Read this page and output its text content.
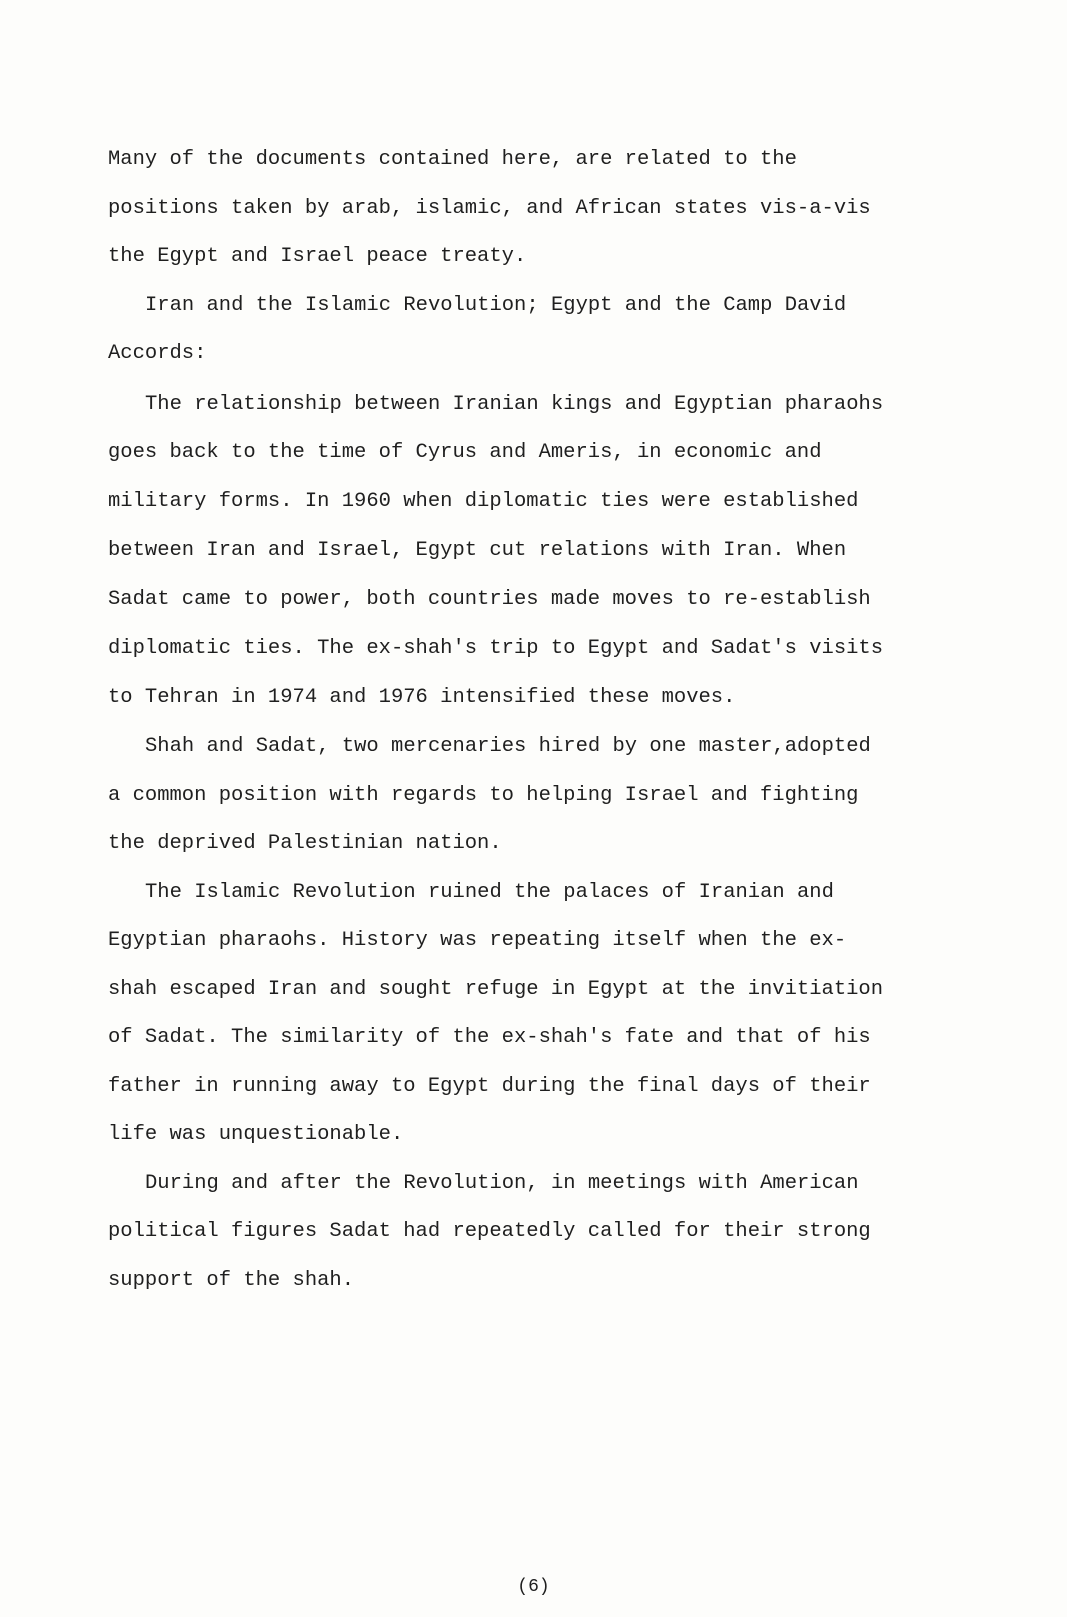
Many of the documents contained here, are related to the
positions taken by arab, islamic, and African states vis-a-vis
the Egypt and Israel peace treaty.
Iran and the Islamic Revolution; Egypt and the Camp David
Accords:
The relationship between Iranian kings and Egyptian pharaohs
goes back to the time of Cyrus and Ameris, in economic and
military forms. In 1960 when diplomatic ties were established
between Iran and Israel, Egypt cut relations with Iran. When
Sadat came to power, both countries made moves to re-establish
diplomatic ties. The ex-shah's trip to Egypt and Sadat's visits
to Tehran in 1974 and 1976 intensified these moves.
Shah and Sadat, two mercenaries hired by one master,adopted
a common position with regards to helping Israel and fighting
the deprived Palestinian nation.
The Islamic Revolution ruined the palaces of Iranian and
Egyptian pharaohs. History was repeating itself when the ex-
shah escaped Iran and sought refuge in Egypt at the invitiation
of Sadat. The similarity of the ex-shah's fate and that of his
father in running away to Egypt during the final days of their
life was unquestionable.
During and after the Revolution, in meetings with American
political figures Sadat had repeatedly called for their strong
support of the shah.
(6)
